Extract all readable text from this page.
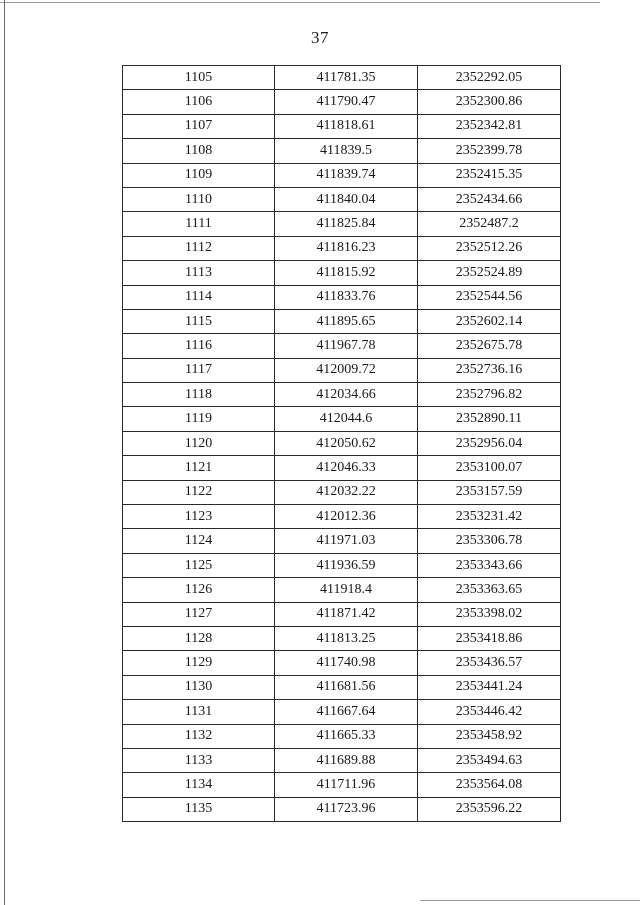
37
1105	411781.35	2352292.05
1106	411790.47	2352300.86
1107	411818.61	2352342.81
1108	411839.5	2352399.78
1109	411839.74	2352415.35
1110	411840.04	2352434.66
1111	411825.84	2352487.2
1112	411816.23	2352512.26
1113	411815.92	2352524.89
1114	411833.76	2352544.56
1115	411895.65	2352602.14
1116	411967.78	2352675.78
1117	412009.72	2352736.16
1118	412034.66	2352796.82
1119	412044.6	2352890.11
1120	412050.62	2352956.04
1121	412046.33	2353100.07
1122	412032.22	2353157.59
1123	412012.36	2353231.42
1124	411971.03	2353306.78
1125	411936.59	2353343.66
1126	411918.4	2353363.65
1127	411871.42	2353398.02
1128	411813.25	2353418.86
1129	411740.98	2353436.57
1130	411681.56	2353441.24
1131	411667.64	2353446.42
1132	411665.33	2353458.92
1133	411689.88	2353494.63
1134	411711.96	2353564.08
1135	411723.96	2353596.22
